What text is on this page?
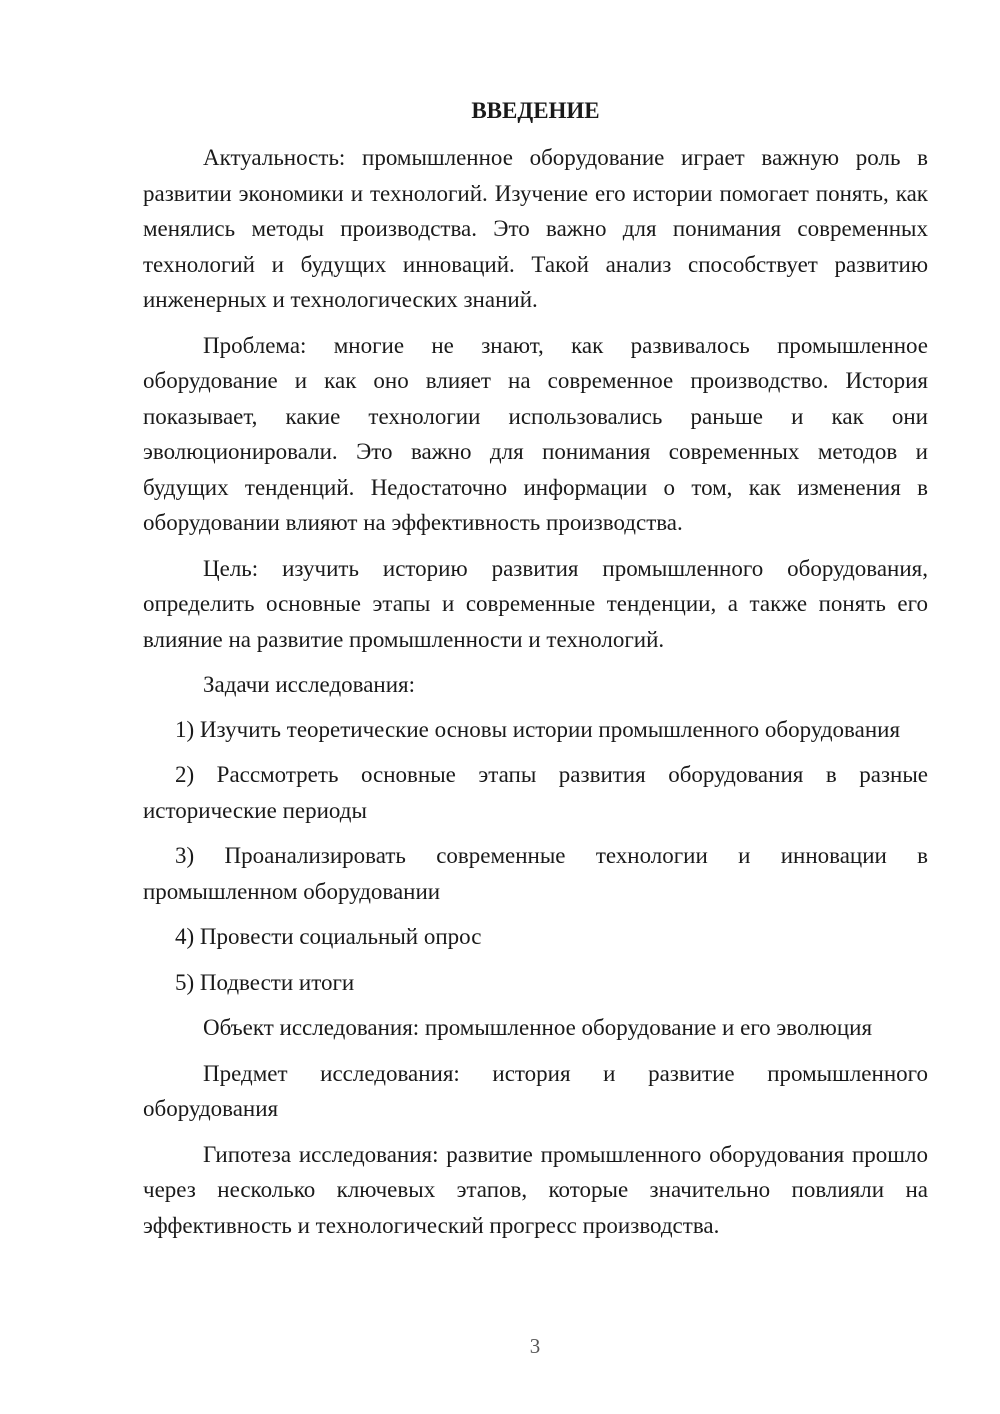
ВВЕДЕНИЕ

Актуальность: промышленное оборудование играет важную роль в развитии экономики и технологий. Изучение его истории помогает понять, как менялись методы производства. Это важно для понимания современных технологий и будущих инноваций. Такой анализ способствует развитию инженерных и технологических знаний.

Проблема: многие не знают, как развивалось промышленное оборудование и как оно влияет на современное производство. История показывает, какие технологии использовались раньше и как они эволюционировали. Это важно для понимания современных методов и будущих тенденций. Недостаточно информации о том, как изменения в оборудовании влияют на эффективность производства.

Цель: изучить историю развития промышленного оборудования, определить основные этапы и современные тенденции, а также понять его влияние на развитие промышленности и технологий.

Задачи исследования:

1) Изучить теоретические основы истории промышленного оборудования

2) Рассмотреть основные этапы развития оборудования в разные исторические периоды

3) Проанализировать современные технологии и инновации в промышленном оборудовании

4) Провести социальный опрос

5) Подвести итоги

Объект исследования: промышленное оборудование и его эволюция

Предмет исследования: история и развитие промышленного оборудования

Гипотеза исследования: развитие промышленного оборудования прошло через несколько ключевых этапов, которые значительно повлияли на эффективность и технологический прогресс производства.

3
